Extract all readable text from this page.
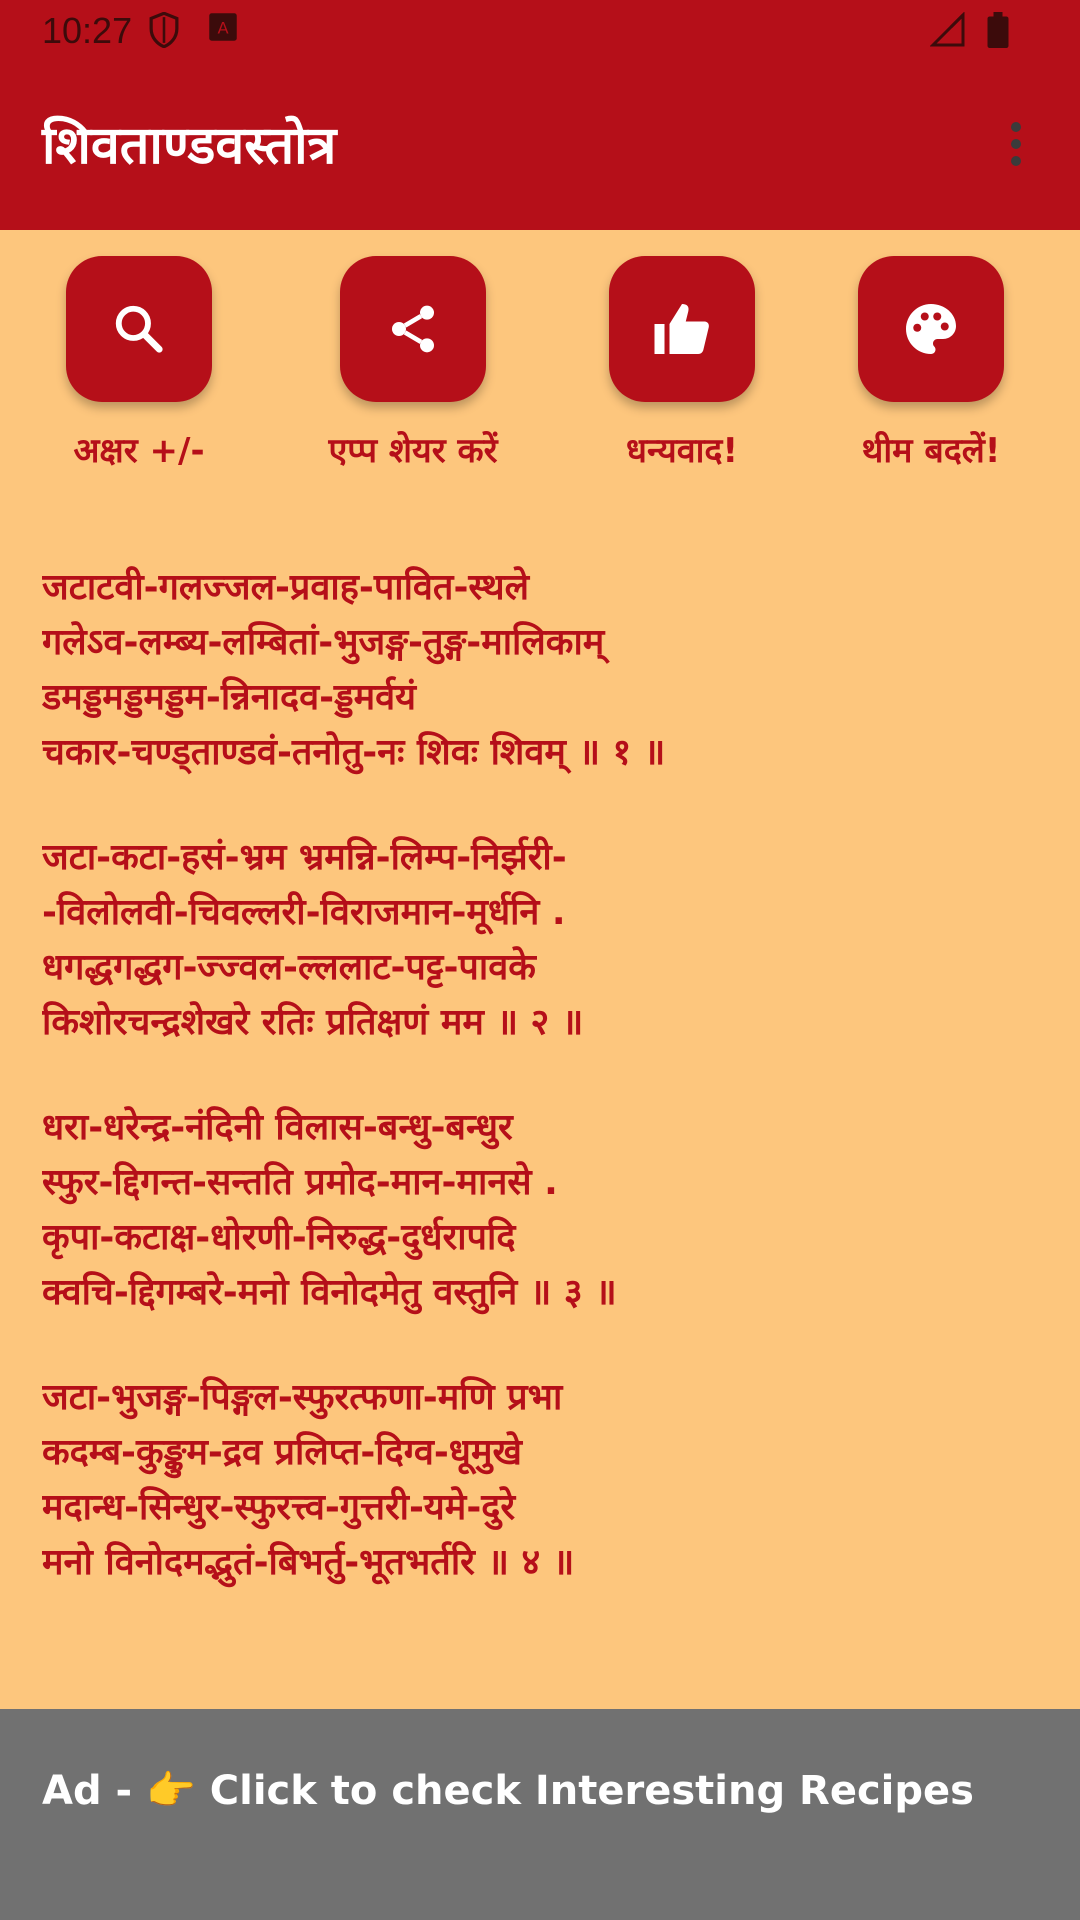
10:27	A
शिवताण्डवस्तोत्र
अक्षर +/-	एप्प शेयर करें	धन्यवाद!	थीम बदलें!
जटाटवी-गलज्जल-प्रवाह-पावित-स्थले
गलेऽव-लम्ब्य-लम्बितां-भुजङ्ग-तुङ्ग-मालिकाम्
डमड्डमड्डमड्डम-न्निनादव-ड्डमर्वयं
चकार-चण्ड्ताण्डवं-तनोतु-नः शिवः शिवम् ॥ १ ॥
जटा-कटा-हसं-भ्रम भ्रमन्नि-लिम्प-निर्झरी-
-विलोलवी-चिवल्लरी-विराजमान-मूर्धनि .
धगद्धगद्धग-ज्ज्वल-ल्ललाट-पट्ट-पावके
किशोरचन्द्रशेखरे रतिः प्रतिक्षणं मम ॥ २ ॥
धरा-धरेन्द्र-नंदिनी विलास-बन्धु-बन्धुर
स्फुर-द्दिगन्त-सन्तति प्रमोद-मान-मानसे .
कृपा-कटाक्ष-धोरणी-निरुद्ध-दुर्धरापदि
क्वचि-द्दिगम्बरे-मनो विनोदमेतु वस्तुनि ॥ ३ ॥
जटा-भुजङ्ग-पिङ्गल-स्फुरत्फणा-मणि प्रभा
कदम्ब-कुङ्कुम-द्रव प्रलिप्त-दिग्व-धूमुखे
मदान्ध-सिन्धुर-स्फुरत्त्व-गुत्तरी-यमे-दुरे
मनो विनोदमद्भुतं-बिभर्तु-भूतभर्तरि ॥ ४ ॥
Ad - 👉 Click to check Interesting Recipes
